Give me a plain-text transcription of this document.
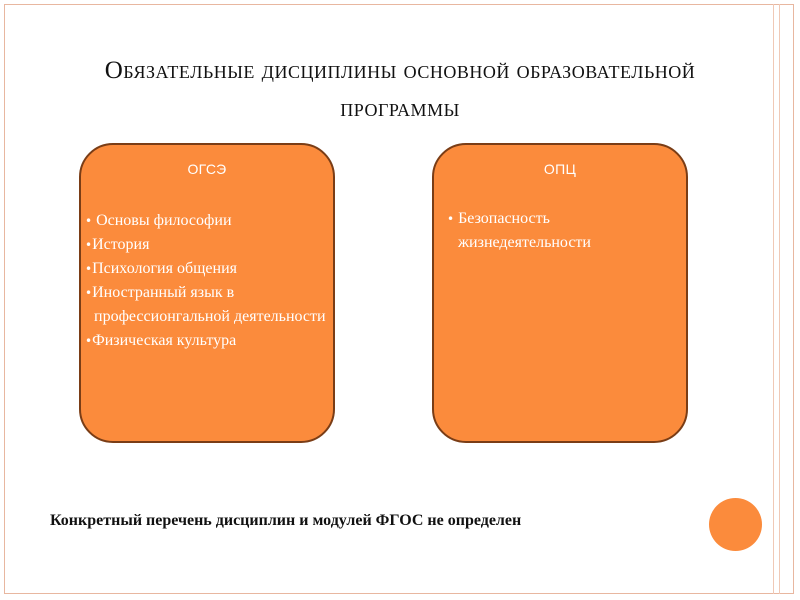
Обязательные дисциплины основной образовательной программы
ОГСЭ
• Основы философии
•История
•Психология общения
•Иностранный язык в профессионгальной деятельности
•Физическая культура
ОПЦ
• Безопасность жизнедеятельности
Конкретный перечень дисциплин и модулей ФГОС не определен
